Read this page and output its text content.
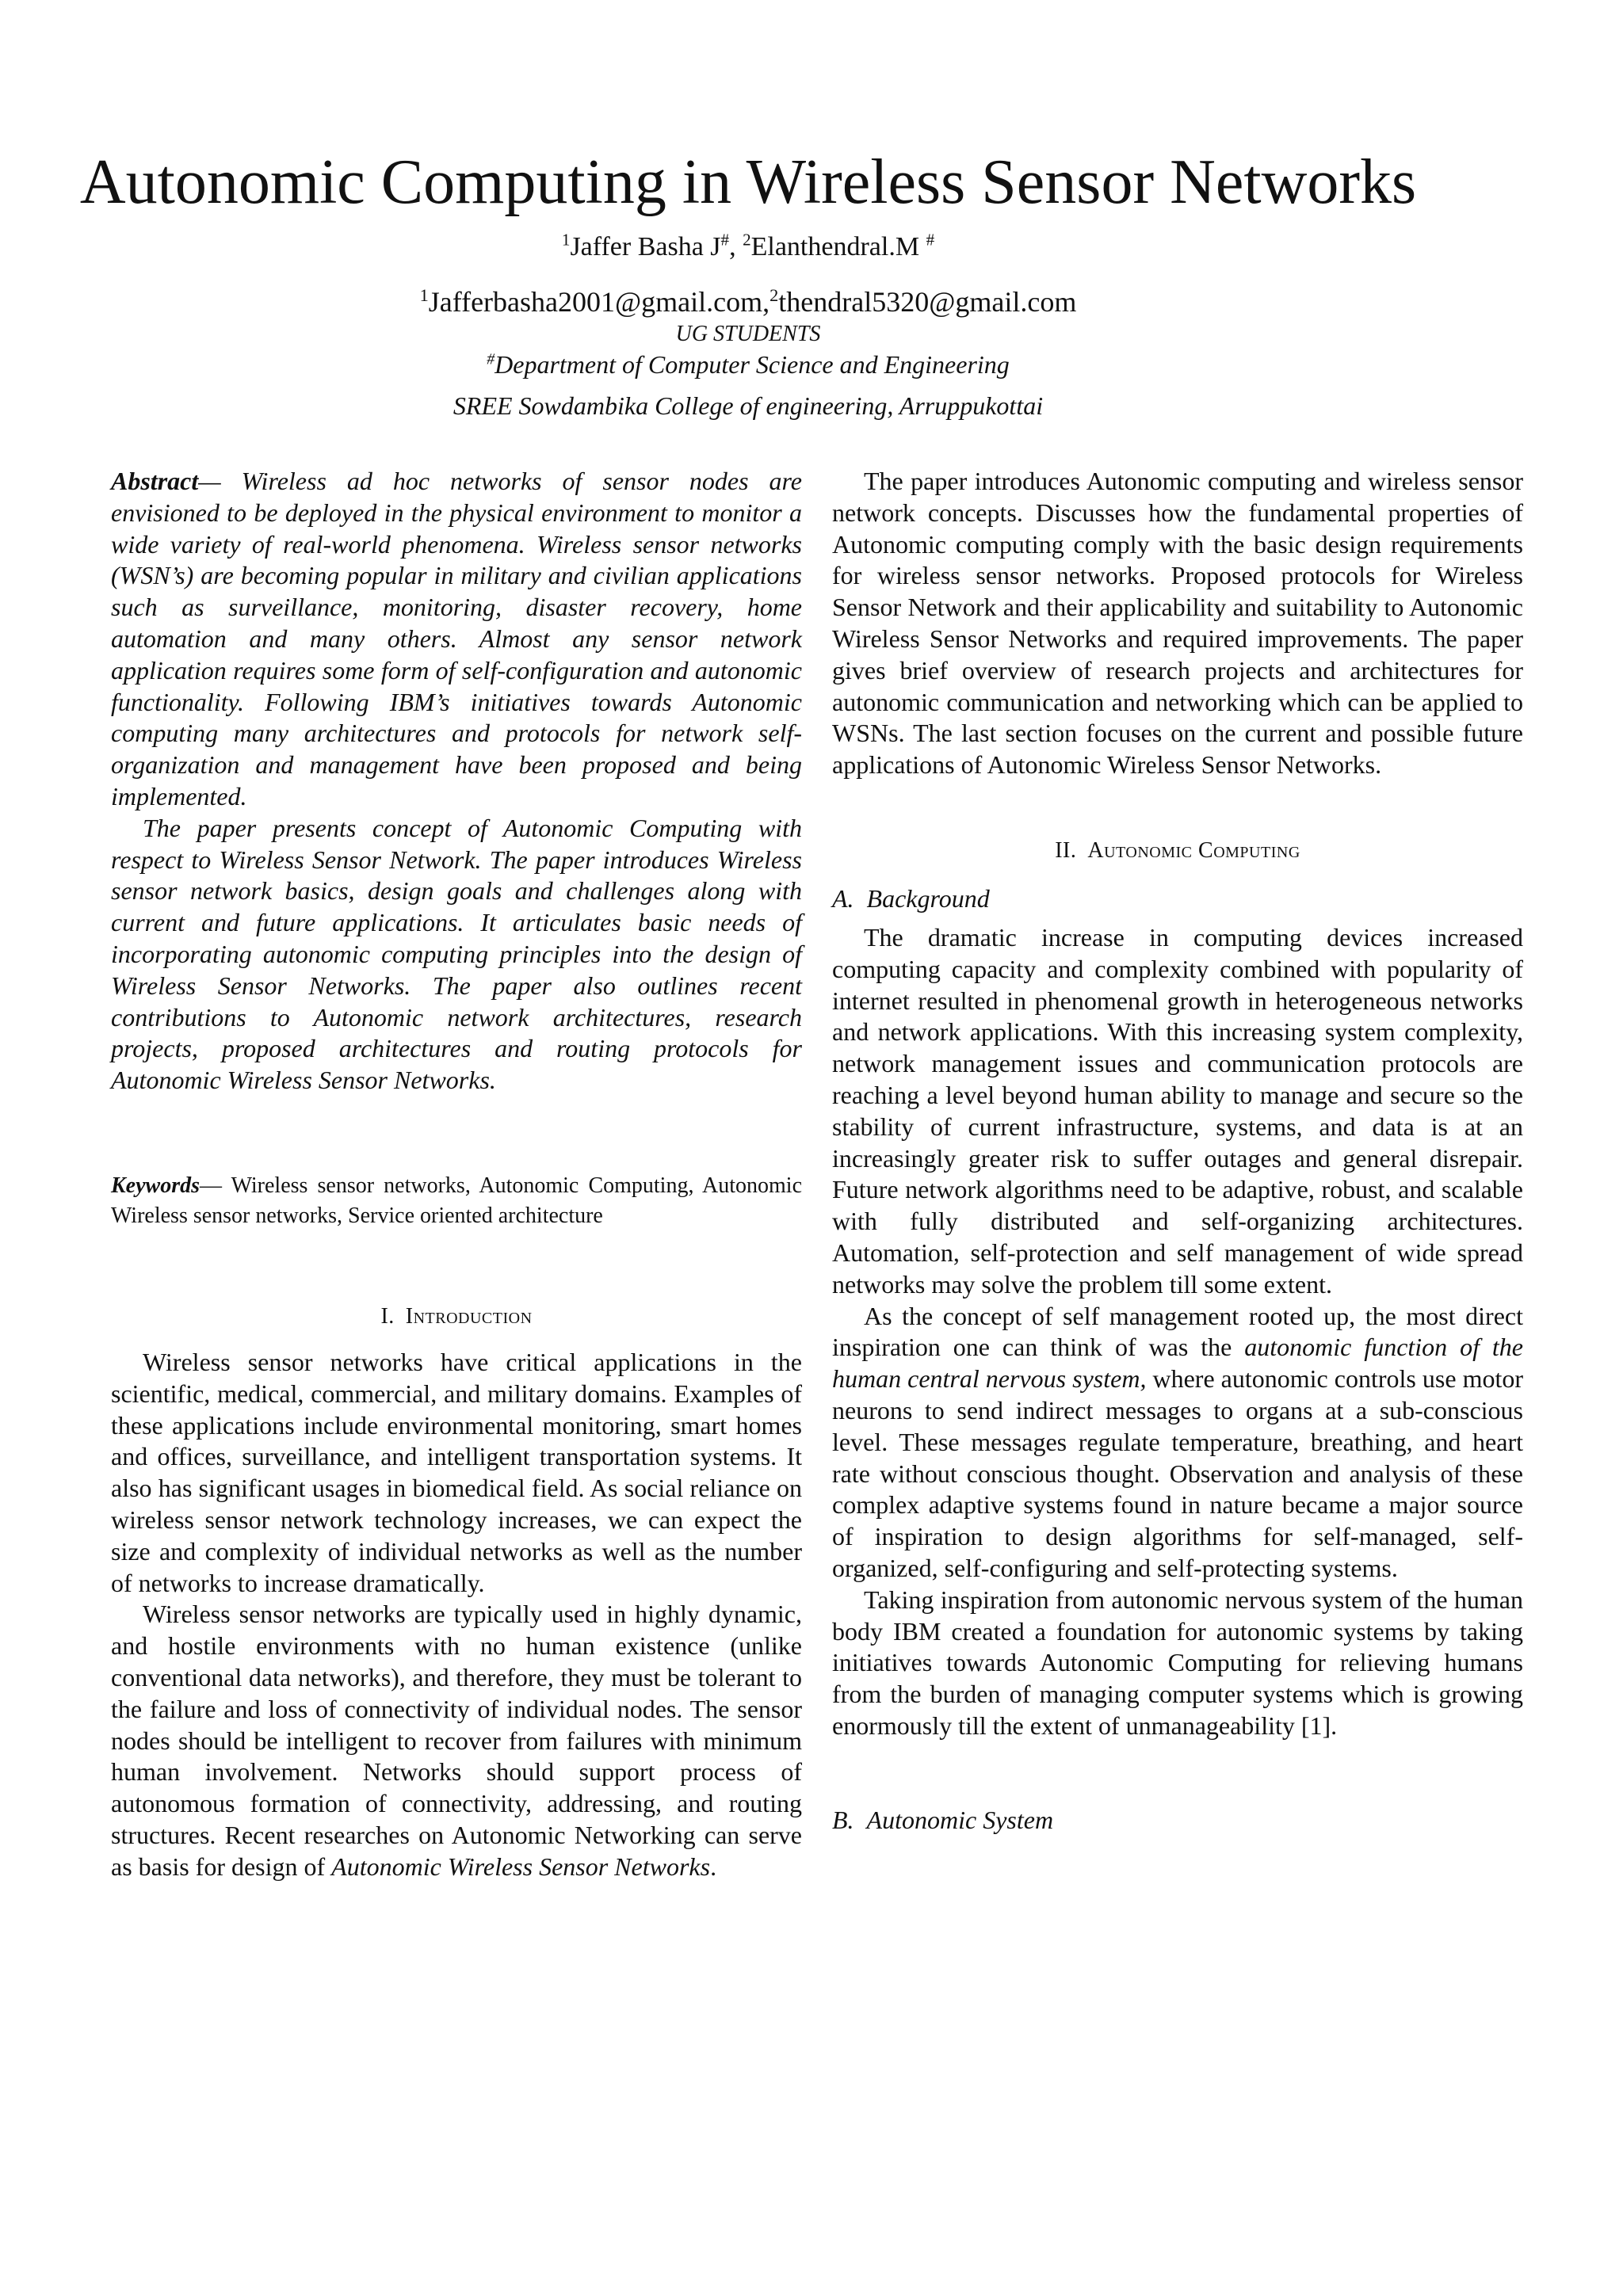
Autonomic Computing in Wireless Sensor Networks
$^1$Jaffer Basha J#, $^2$Elanthendral.M #
$^1$Jafferbasha2001@gmail.com,$^2$thendral5320@gmail.com
UG STUDENTS
#Department of Computer Science and Engineering
SREE Sowdambika College of engineering, Arruppukottai

Abstract— Wireless ad hoc networks of sensor nodes are envisioned to be deployed in the physical environment to monitor a wide variety of real-world phenomena. Wireless sensor networks (WSN’s) are becoming popular in military and civilian applications such as surveillance, monitoring, disaster recovery, home automation and many others. Almost any sensor network application requires some form of self-configuration and autonomic functionality. Following IBM’s initiatives towards Autonomic computing many architectures and protocols for network self-organization and management have been proposed and being implemented.

The paper presents concept of Autonomic Computing with respect to Wireless Sensor Network. The paper introduces Wireless sensor network basics, design goals and challenges along with current and future applications. It articulates basic needs of incorporating autonomic computing principles into the design of Wireless Sensor Networks. The paper also outlines recent contributions to Autonomic network architectures, research projects, proposed architectures and routing protocols for Autonomic Wireless Sensor Networks.

Keywords— Wireless sensor networks, Autonomic Computing, Autonomic Wireless sensor networks, Service oriented architecture

I. Introduction

Wireless sensor networks have critical applications in the scientific, medical, commercial, and military domains. Examples of these applications include environmental monitoring, smart homes and offices, surveillance, and intelligent transportation systems. It also has significant usages in biomedical field. As social reliance on wireless sensor network technology increases, we can expect the size and complexity of individual networks as well as the number of networks to increase dramatically.

Wireless sensor networks are typically used in highly dynamic, and hostile environments with no human existence (unlike conventional data networks), and therefore, they must be tolerant to the failure and loss of connectivity of individual nodes. The sensor nodes should be intelligent to recover from failures with minimum human involvement. Networks should support process of autonomous formation of connectivity, addressing, and routing structures. Recent researches on Autonomic Networking can serve as basis for design of Autonomic Wireless Sensor Networks.

The paper introduces Autonomic computing and wireless sensor network concepts. Discusses how the fundamental properties of Autonomic computing comply with the basic design requirements for wireless sensor networks. Proposed protocols for Wireless Sensor Network and their applicability and suitability to Autonomic Wireless Sensor Networks and required improvements. The paper gives brief overview of research projects and architectures for autonomic communication and networking which can be applied to WSNs. The last section focuses on the current and possible future applications of Autonomic Wireless Sensor Networks.

II. Autonomic Computing
A. Background

The dramatic increase in computing devices increased computing capacity and complexity combined with popularity of internet resulted in phenomenal growth in heterogeneous networks and network applications. With this increasing system complexity, network management issues and communication protocols are reaching a level beyond human ability to manage and secure so the stability of current infrastructure, systems, and data is at an increasingly greater risk to suffer outages and general disrepair. Future network algorithms need to be adaptive, robust, and scalable with fully distributed and self-organizing architectures. Automation, self-protection and self management of wide spread networks may solve the problem till some extent.

As the concept of self management rooted up, the most direct inspiration one can think of was the autonomic function of the human central nervous system, where autonomic controls use motor neurons to send indirect messages to organs at a sub-conscious level. These messages regulate temperature, breathing, and heart rate without conscious thought. Observation and analysis of these complex adaptive systems found in nature became a major source of inspiration to design algorithms for self-managed, self-organized, self-configuring and self-protecting systems.

Taking inspiration from autonomic nervous system of the human body IBM created a foundation for autonomic systems by taking initiatives towards Autonomic Computing for relieving humans from the burden of managing computer systems which is growing enormously till the extent of unmanageability [1].

B. Autonomic System
